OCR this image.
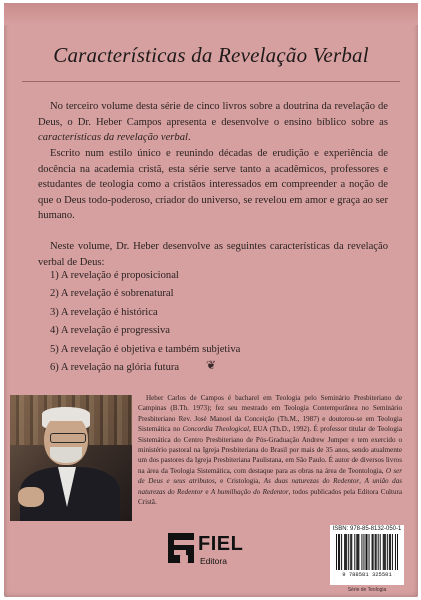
Características da Revelação Verbal

No terceiro volume desta série de cinco livros sobre a doutrina da revelação de Deus, o Dr. Heber Campos apresenta e desenvolve o ensino bíblico sobre as características da revelação verbal.

Escrito num estilo único e reunindo décadas de erudição e experiência de docência na academia cristã, esta série serve tanto a acadêmicos, professores e estudantes de teologia como a cristãos interessados em compreender a noção de que o Deus todo-poderoso, criador do universo, se revelou em amor e graça ao ser humano.

Neste volume, Dr. Heber desenvolve as seguintes características da revelação verbal de Deus:

1) A revelação é proposicional
2) A revelação é sobrenatural
3) A revelação é histórica
4) A revelação é progressiva
5) A revelação é objetiva e também subjetiva
6) A revelação na glória futura	❦

Heber Carlos de Campos é bacharel em Teologia pelo Seminário Presbiteriano de Campinas (B.Th. 1973); fez seu mestrado em Teologia Contemporânea no Seminário Presbiteriano Rev. José Manoel da Conceição (Th.M., 1987) e doutorou-se em Teologia Sistemática no Concordia Theological, EUA (Th.D., 1992). É professor titular de Teologia Sistemática do Centro Presbiteriano de Pós-Graduação Andrew Jumper e tem exercido o ministério pastoral na Igreja Presbiteriana do Brasil por mais de 35 anos, sendo atualmente um dos pastores da Igreja Presbiteriana Paulistana, em São Paulo. É autor de diversos livros na área da Teologia Sistemática, com destaque para as obras na área de Teontologia, O ser de Deus e seus atributos, e Cristologia, As duas naturezas do Redentor, A união das naturezas do Redentor e A humilhação do Redentor, todos publicados pela Editora Cultura Cristã.

FIEL
Editora
ISBN: 978-85-8132-050-1
9 788581 325501
Série de Teologia
